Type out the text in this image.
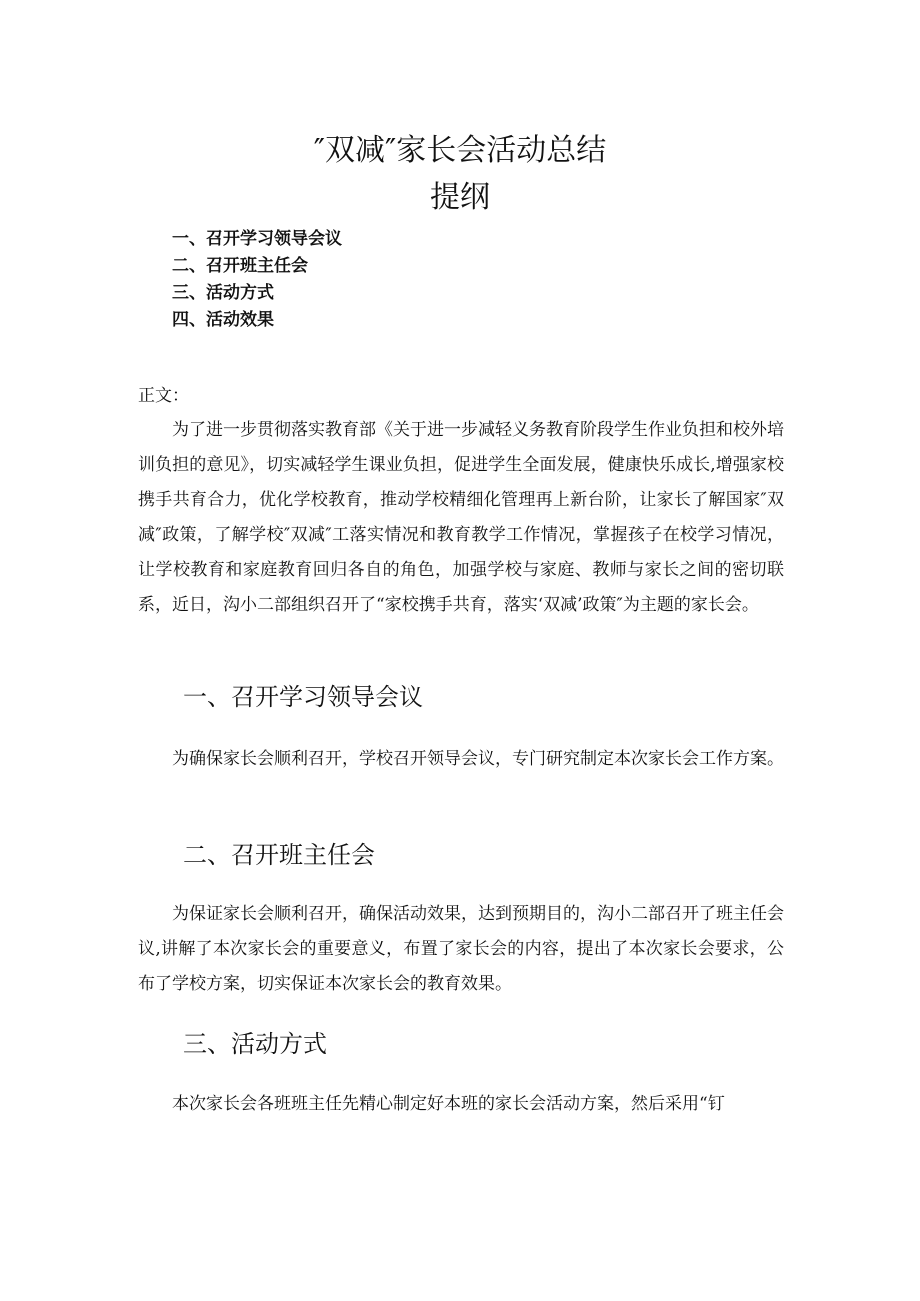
″双减″家长会活动总结
提纲
一、召开学习领导会议
二、召开班主任会
三、活动方式
四、活动效果
正文：
为了进一步贯彻落实教育部《关于进一步减轻义务教育阶段学生作业负担和校外培训负担的意见》，切实减轻学生课业负担，促进学生全面发展，健康快乐成长,增强家校携手共育合力，优化学校教育，推动学校精细化管理再上新台阶，让家长了解国家″双减″政策，了解学校″双减″工落实情况和教育教学工作情况，掌握孩子在校学习情况，让学校教育和家庭教育回归各自的角色，加强学校与家庭、教师与家长之间的密切联系，近日，沟小二部组织召开了“家校携手共育，落实‘双减’政策″为主题的家长会。
一、召开学习领导会议
为确保家长会顺利召开，学校召开领导会议，专门研究制定本次家长会工作方案。
二、召开班主任会
为保证家长会顺利召开，确保活动效果，达到预期目的，沟小二部召开了班主任会议,讲解了本次家长会的重要意义，布置了家长会的内容，提出了本次家长会要求，公布了学校方案，切实保证本次家长会的教育效果。
三、活动方式
本次家长会各班班主任先精心制定好本班的家长会活动方案，然后采用“钉
